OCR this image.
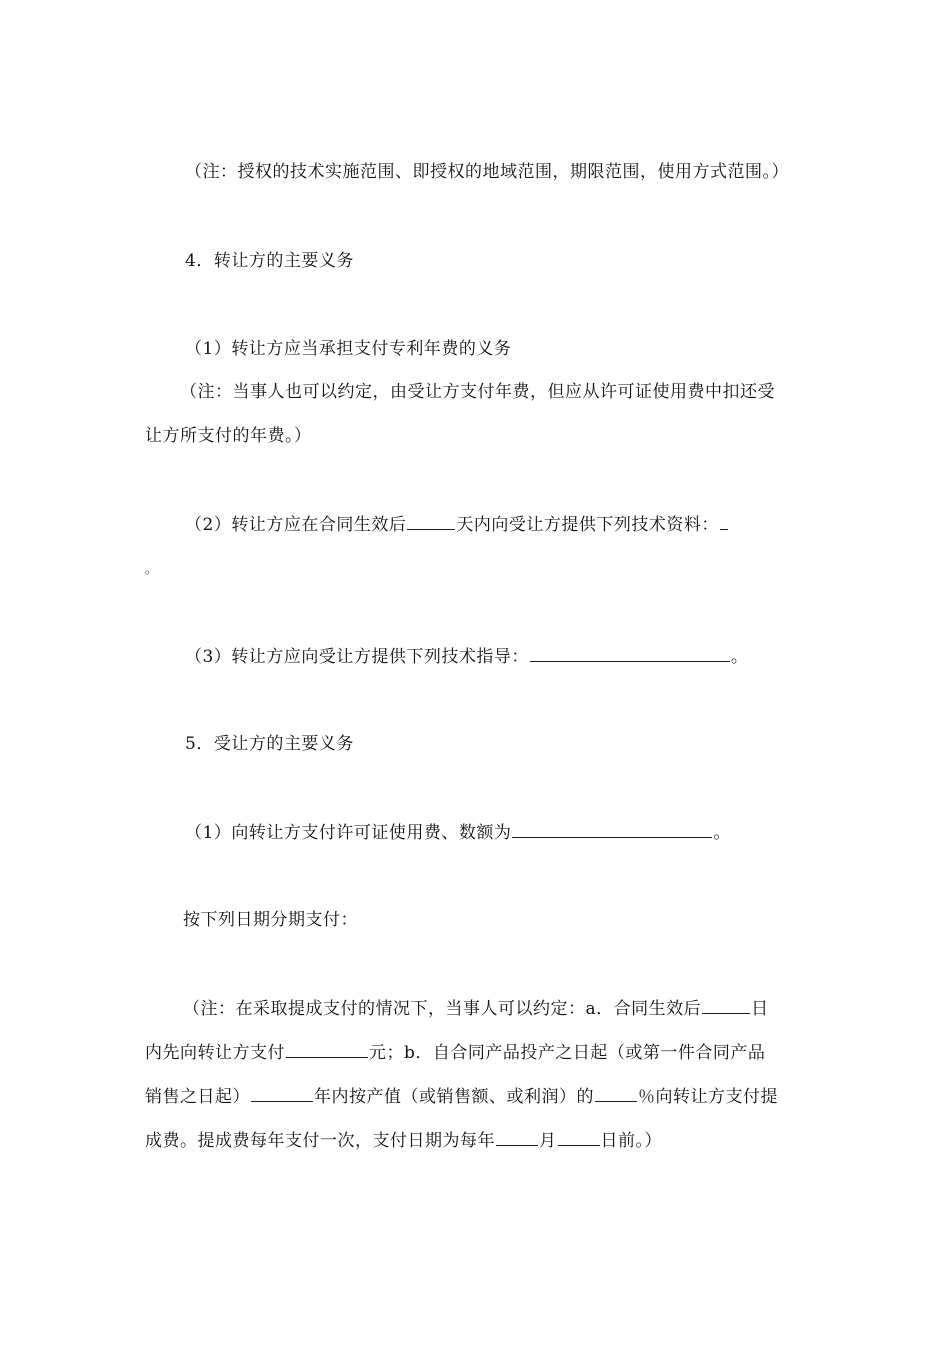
（注：授权的技术实施范围、即授权的地域范围，期限范围，使用方式范围。）
4．转让方的主要义务
（1）转让方应当承担支付专利年费的义务
（注：当事人也可以约定，由受让方支付年费，但应从许可证使用费中扣还受
让方所支付的年费。）
（2）转让方应在合同生效后	天内向受让方提供下列技术资料：
。
（3）转让方应向受让方提供下列技术指导：	。
5．受让方的主要义务
（1）向转让方支付许可证使用费、数额为	。
按下列日期分期支付：
（注：在采取提成支付的情况下，当事人可以约定：a．合同生效后	日
内先向转让方支付	元；b．自合同产品投产之日起（或第一件合同产品
销售之日起）	年内按产值（或销售额、或利润）的	％向转让方支付提
成费。提成费每年支付一次，支付日期为每年	月	日前。）
